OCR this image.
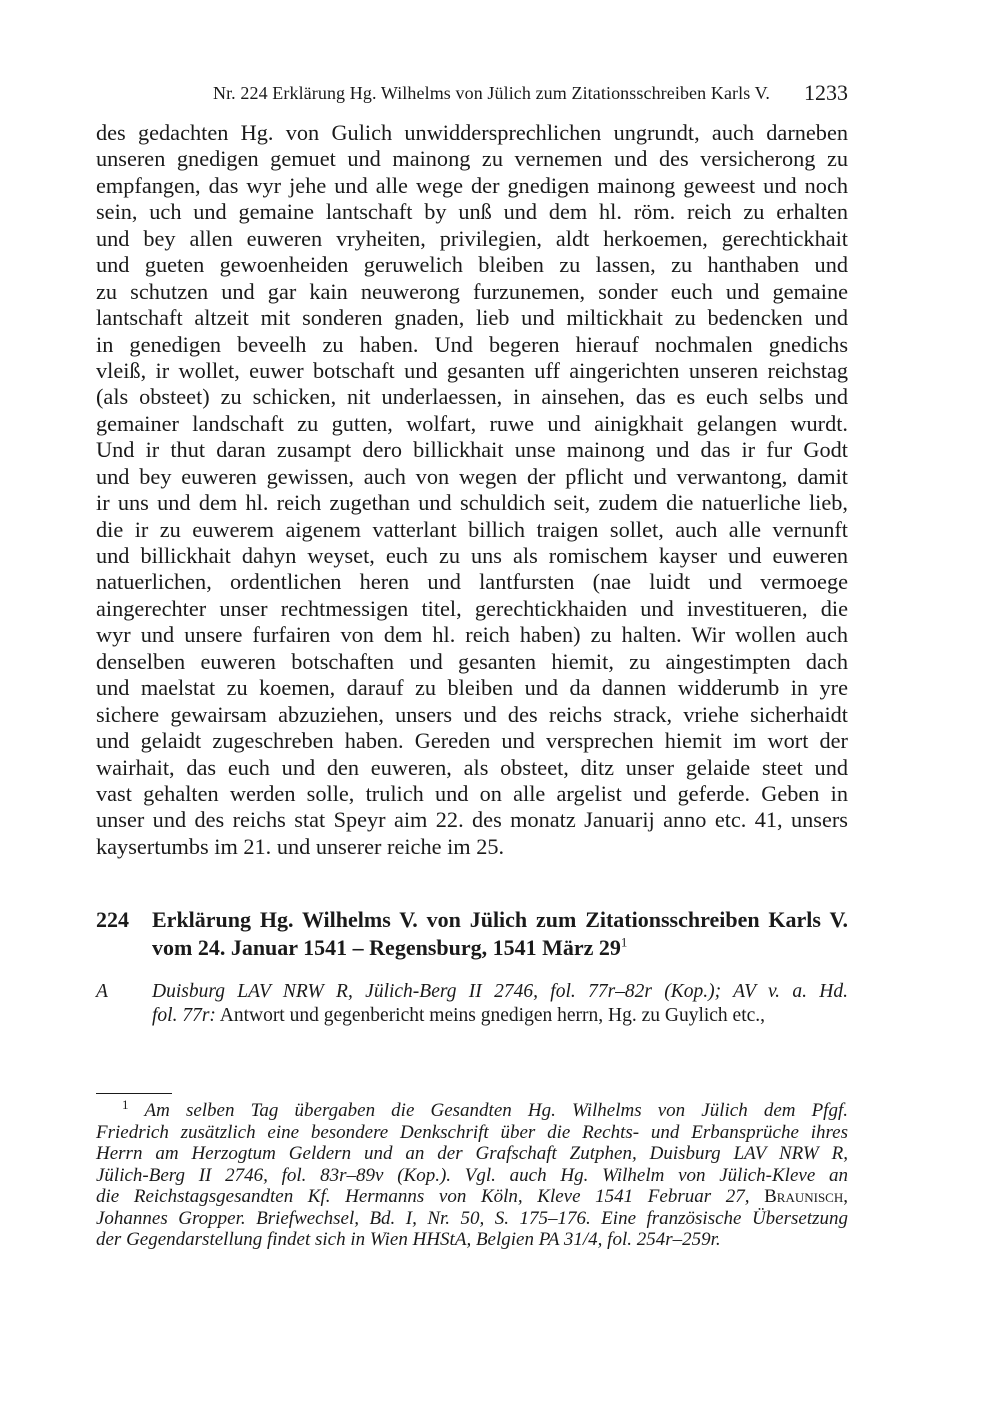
Nr. 224 Erklärung Hg. Wilhelms von Jülich zum Zitationsschreiben Karls V. 1233
des gedachten Hg. von Gulich unwiddersprechlichen ungrundt, auch darneben
unseren gnedigen gemuet und mainong zu vernemen und des versicherong zu
empfangen, das wyr jehe und alle wege der gnedigen mainong geweest und noch
sein, uch und gemaine lantschaft by unß und dem hl. röm. reich zu erhalten
und bey allen euweren vryheiten, privilegien, aldt herkoemen, gerechtickhait
und gueten gewoenheiden geruwelich bleiben zu lassen, zu hanthaben und
zu schutzen und gar kain neuwerong furzunemen, sonder euch und gemaine
lantschaft altzeit mit sonderen gnaden, lieb und miltickhait zu bedencken und
in genedigen beveelh zu haben. Und begeren hierauf nochmalen gnedichs
vleiß, ir wollet, euwer botschaft und gesanten uff aingerichten unseren reichstag
(als obsteet) zu schicken, nit underlaessen, in ainsehen, das es euch selbs und
gemainer landschaft zu gutten, wolfart, ruwe und ainigkhait gelangen wurdt.
Und ir thut daran zusampt dero billickhait unse mainong und das ir fur Godt
und bey euweren gewissen, auch von wegen der pflicht und verwantong, damit
ir uns und dem hl. reich zugethan und schuldich seit, zudem die natuerliche lieb,
die ir zu euwerem aigenem vatterlant billich traigen sollet, auch alle vernunft
und billickhait dahyn weyset, euch zu uns als romischem kayser und euweren
natuerlichen, ordentlichen heren und lantfursten (nae luidt und vermoege
aingerechter unser rechtmessigen titel, gerechtickhaiden und investitueren, die
wyr und unsere furfairen von dem hl. reich haben) zu halten. Wir wollen auch
denselben euweren botschaften und gesanten hiemit, zu aingestimpten dach
und maelstat zu koemen, darauf zu bleiben und da dannen widderumb in yre
sichere gewairsam abzuziehen, unsers und des reichs strack, vriehe sicherhaidt
und gelaidt zugeschreben haben. Gereden und versprechen hiemit im wort der
wairhait, das euch und den euweren, als obsteet, ditz unser gelaide steet und
vast gehalten werden solle, trulich und on alle argelist und geferde. Geben in
unser und des reichs stat Speyr aim 22. des monatz Januarij anno etc. 41, unsers
kaysertumbs im 21. und unserer reiche im 25.
224 Erklärung Hg. Wilhelms V. von Jülich zum Zitationsschreiben Karls V.
vom 24. Januar 1541 – Regensburg, 1541 März $29^1$
A Duisburg LAV NRW R, Jülich-Berg II 2746, fol. 77r–82r (Kop.); AV v. a. Hd.
fol. 77r: Antwort und gegenbericht meins gnedigen herrn, Hg. zu Guylich etc.,
$^1$ Am selben Tag übergaben die Gesandten Hg. Wilhelms von Jülich dem Pfgf.
Friedrich zusätzlich eine besondere Denkschrift über die Rechts- und Erbansprüche ihres
Herrn am Herzogtum Geldern und an der Grafschaft Zutphen, Duisburg LAV NRW R,
Jülich-Berg II 2746, fol. 83r–89v (Kop.). Vgl. auch Hg. Wilhelm von Jülich-Kleve an
die Reichstagsgesandten Kf. Hermanns von Köln, Kleve 1541 Februar 27, Braunisch,
Johannes Gropper. Briefwechsel, Bd. I, Nr. 50, S. 175–176. Eine französische Übersetzung
der Gegendarstellung findet sich in Wien HHStA, Belgien PA 31/4, fol. 254r–259r.
